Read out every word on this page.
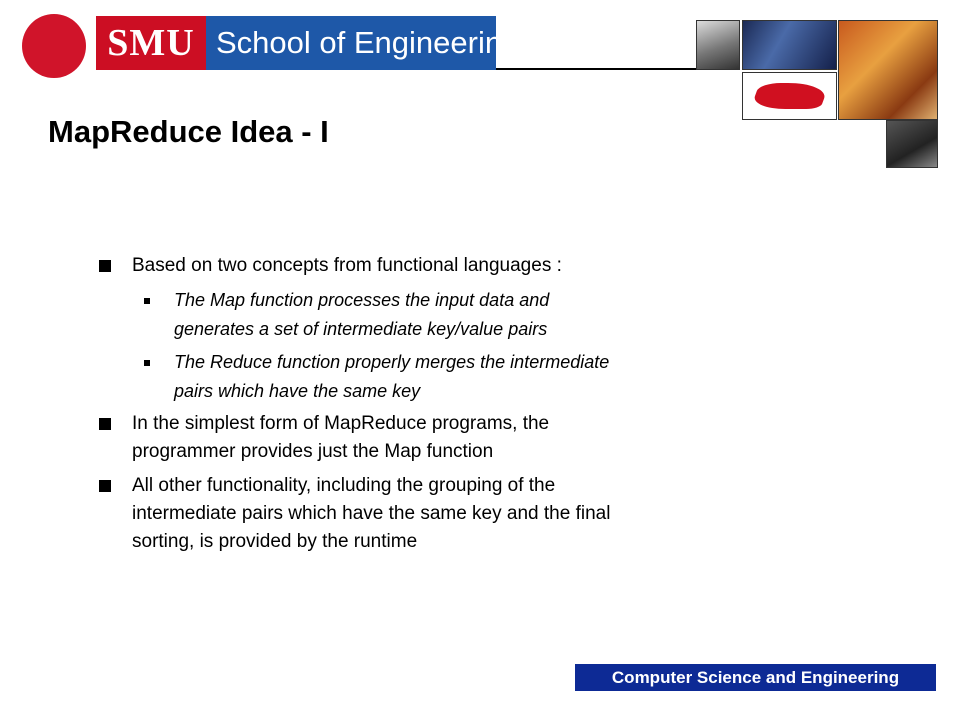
SMU School of Engineering
MapReduce Idea - I
Based on two concepts from functional languages :
The Map function processes the input data and
generates a set of intermediate key/value pairs
The Reduce function properly merges the intermediate
pairs which have the same key
In the simplest form of MapReduce programs, the
programmer provides just the Map function
All other functionality, including the grouping of the
intermediate pairs which have the same key and the final
sorting, is provided by the runtime
Computer Science and Engineering
